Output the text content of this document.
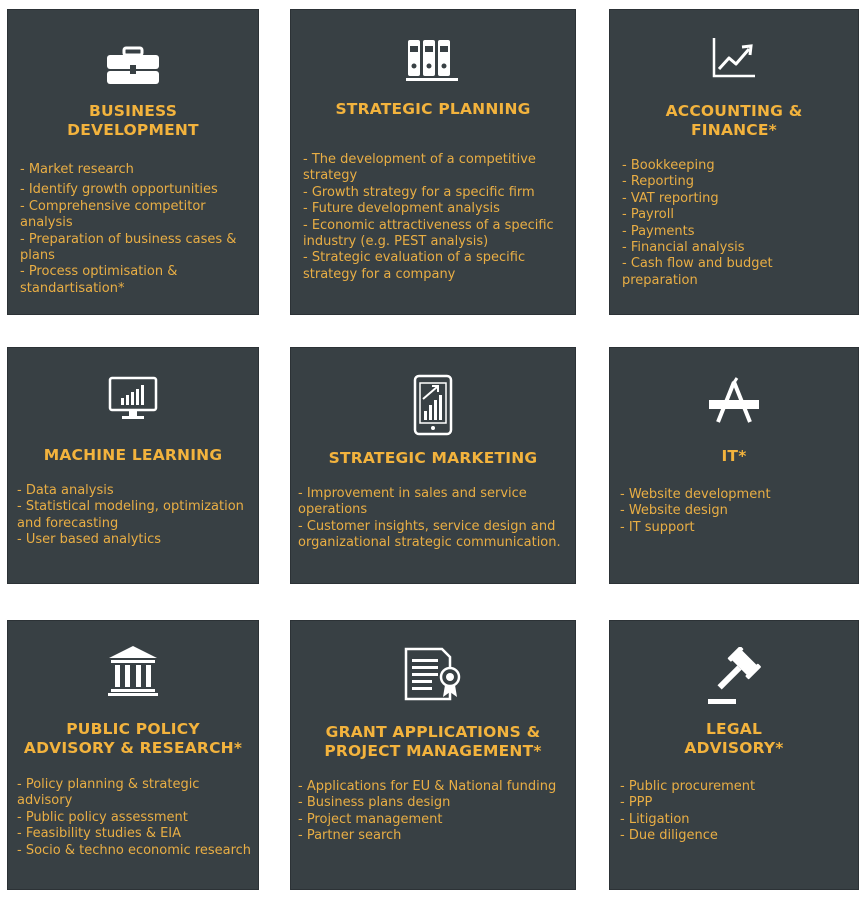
BUSINESS
DEVELOPMENT
- Market research
- Identify growth opportunities
- Comprehensive competitor analysis
- Preparation of business cases & plans
- Process optimisation & standartisation*
STRATEGIC PLANNING
- The development of a competitive strategy
- Growth strategy for a specific firm
- Future development analysis
- Economic attractiveness of a specific industry (e.g. PEST analysis)
- Strategic evaluation of a specific strategy for a company
ACCOUNTING &
FINANCE*
- Bookkeeping
- Reporting
- VAT reporting
- Payroll
- Payments
- Financial analysis
- Cash flow and budget preparation
MACHINE LEARNING
- Data analysis
- Statistical modeling, optimization and forecasting
- User based analytics
STRATEGIC MARKETING
- Improvement in sales and service operations
- Customer insights, service design and organizational strategic communication.
IT*
- Website development
- Website design
- IT support
PUBLIC POLICY
ADVISORY & RESEARCH*
- Policy planning & strategic advisory
- Public policy assessment
- Feasibility studies & EIA
- Socio & techno economic research
GRANT APPLICATIONS &
PROJECT MANAGEMENT*
- Applications for EU & National funding
- Business plans design
- Project management
- Partner search
LEGAL
ADVISORY*
- Public procurement
- PPP
- Litigation
- Due diligence
